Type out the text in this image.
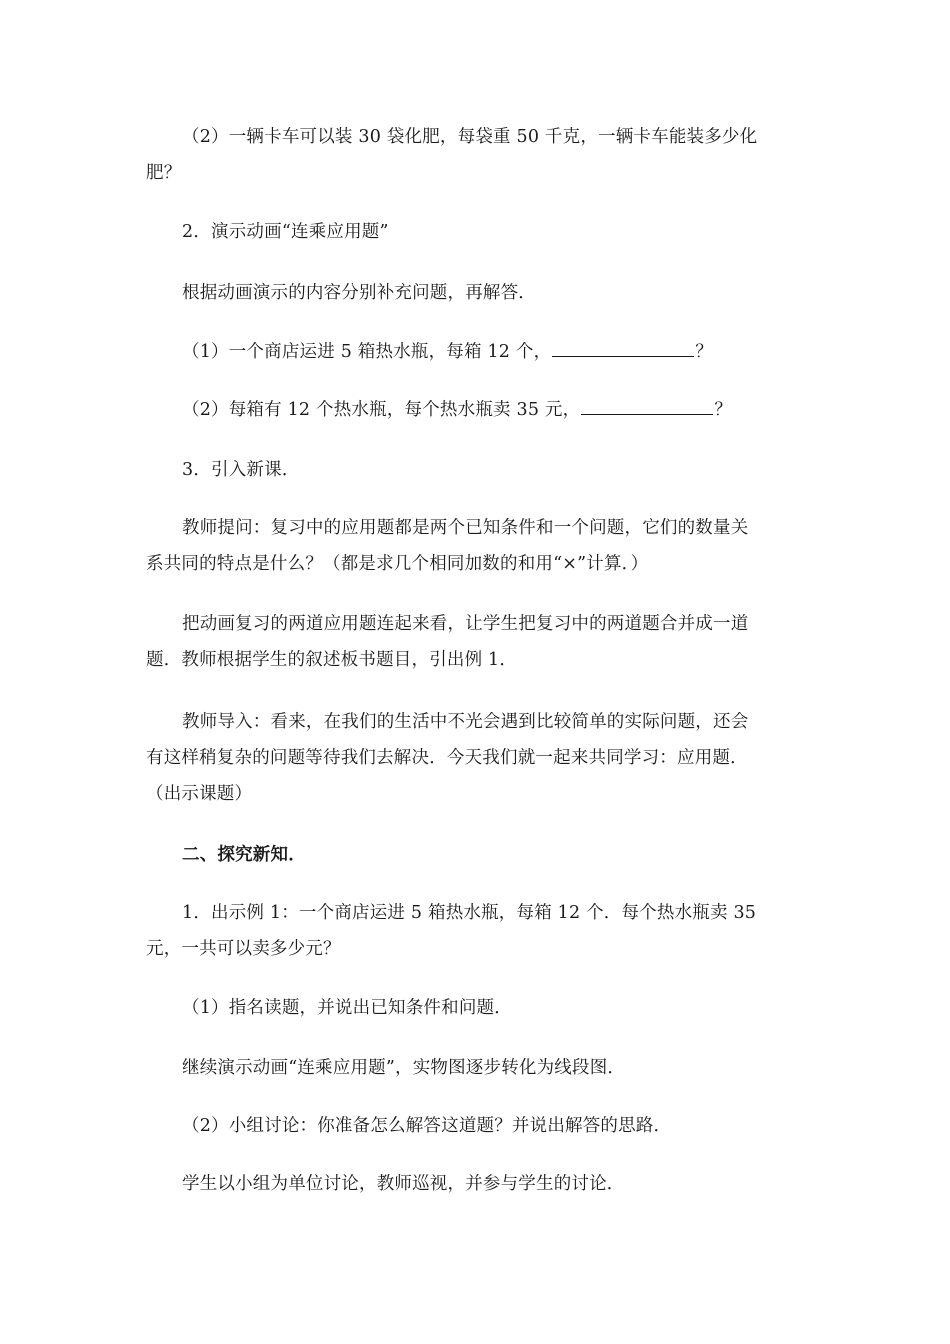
（2）一辆卡车可以装 30 袋化肥，每袋重 50 千克，一辆卡车能装多少化
肥？
2．演示动画“连乘应用题”
根据动画演示的内容分别补充问题，再解答．
（1）一个商店运进 5 箱热水瓶，每箱 12 个，	？
（2）每箱有 12 个热水瓶，每个热水瓶卖 35 元，	？
3．引入新课．
教师提问：复习中的应用题都是两个已知条件和一个问题，它们的数量关
系共同的特点是什么？（都是求几个相同加数的和用“×”计算．）
把动画复习的两道应用题连起来看，让学生把复习中的两道题合并成一道
题．教师根据学生的叙述板书题目，引出例 1．
教师导入：看来，在我们的生活中不光会遇到比较简单的实际问题，还会
有这样稍复杂的问题等待我们去解决．今天我们就一起来共同学习：应用题．
（出示课题）
二、探究新知．
1．出示例 1：一个商店运进 5 箱热水瓶，每箱 12 个．每个热水瓶卖 35
元，一共可以卖多少元？
（1）指名读题，并说出已知条件和问题．
继续演示动画“连乘应用题”，实物图逐步转化为线段图．
（2）小组讨论：你准备怎么解答这道题？并说出解答的思路．
学生以小组为单位讨论，教师巡视，并参与学生的讨论．
